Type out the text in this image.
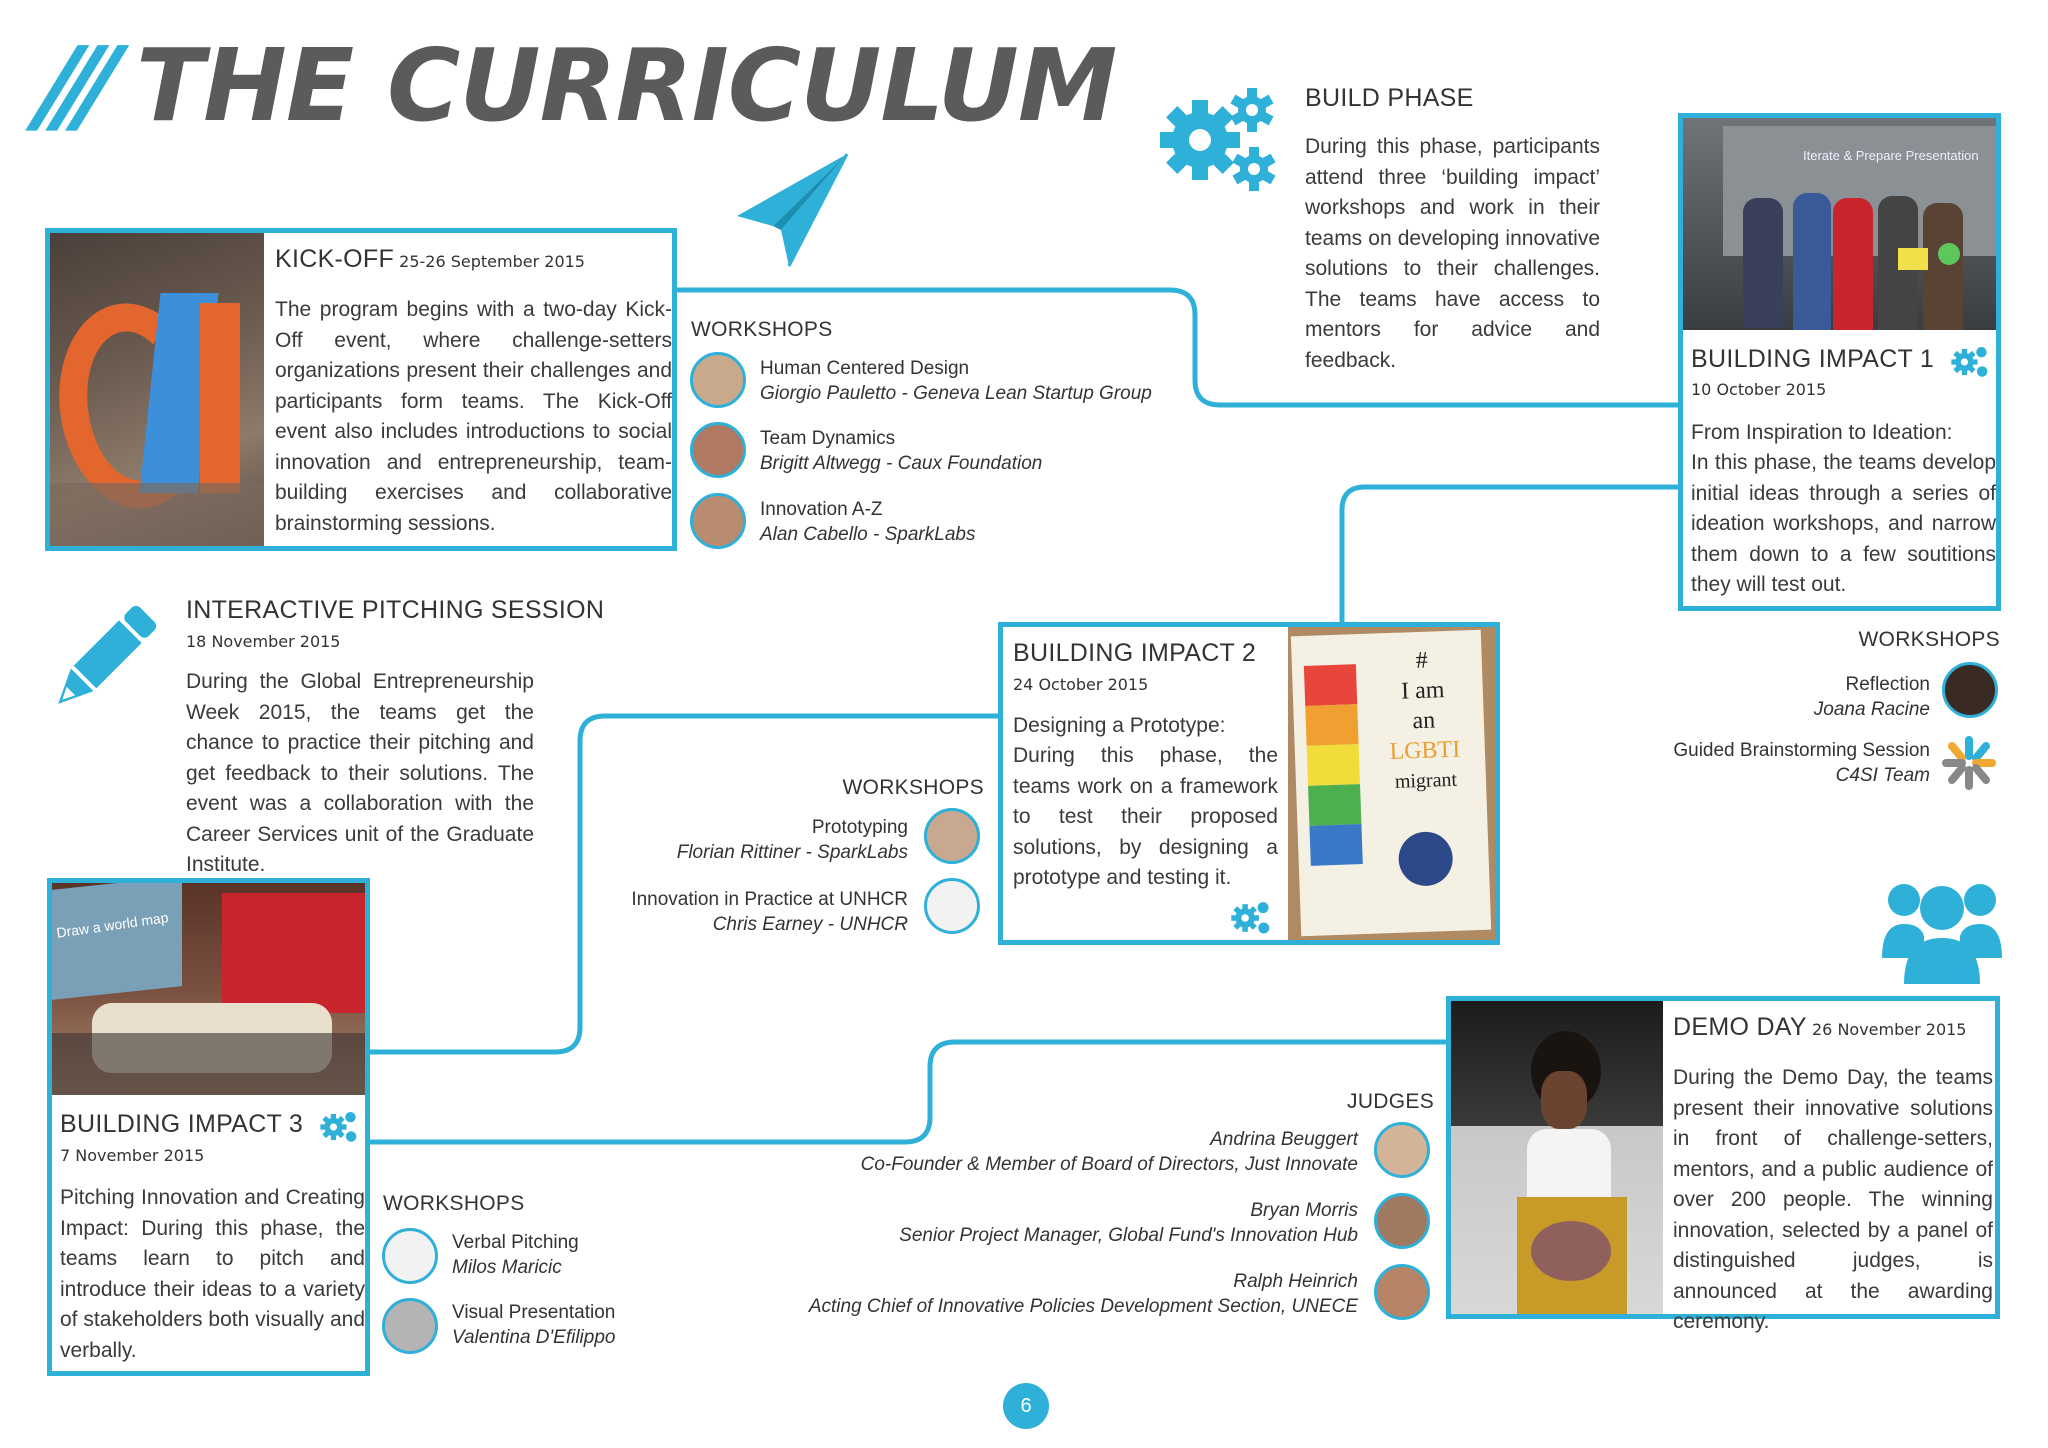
/// THE CURRICULUM
KICK-OFF 25-26 September 2015
The program begins with a two-day Kick-Off event, where challenge-setters organizations present their challenges and participants form teams. The Kick-Off event also includes introductions to social innovation and entrepreneurship, team-building exercises and collaborative brainstorming sessions.
WORKSHOPS
Human Centered Design
Giorgio Pauletto - Geneva Lean Startup Group
Team Dynamics
Brigitt Altwegg - Caux Foundation
Innovation A-Z
Alan Cabello - SparkLabs
BUILD PHASE
During this phase, participants attend three ‘building impact’ workshops and work in their teams on developing innovative solutions to their challenges. The teams have access to mentors for advice and feedback.
Iterate & Prepare Presentation
BUILDING IMPACT 1
10 October 2015
From Inspiration to Ideation:
In this phase, the teams develop initial ideas through a series of ideation workshops, and narrow them down to a few soutitions they will test out.
WORKSHOPS
Reflection
Joana Racine
Guided Brainstorming Session
C4SI Team
INTERACTIVE PITCHING SESSION
18 November 2015
During the Global Entrepreneurship Week 2015, the teams get the chance to practice their pitching and get feedback to their solutions. The event was a collaboration with the Career Services unit of the Graduate Institute.
BUILDING IMPACT 2
24 October 2015
Designing a Prototype:
During this phase, the teams work on a framework to test their proposed solutions, by designing a prototype and testing it.
#
I am
an
LGBTI
migrant
WORKSHOPS
Prototyping
Florian Rittiner - SparkLabs
Innovation in Practice at UNHCR
Chris Earney - UNHCR
Draw a world map
BUILDING IMPACT 3
7 November 2015
Pitching Innovation and Creating Impact: During this phase, the teams learn to pitch and introduce their ideas to a variety of stakeholders both visually and verbally.
WORKSHOPS
Verbal Pitching
Milos Maricic
Visual Presentation
Valentina D'Efilippo
DEMO DAY 26 November 2015
During the Demo Day, the teams present their innovative solutions in front of challenge-setters, mentors, and a public audience of over 200 people. The winning innovation, selected by a panel of distinguished judges, is announced at the awarding ceremony.
JUDGES
Andrina Beuggert
Co-Founder & Member of Board of Directors, Just Innovate
Bryan Morris
Senior Project Manager, Global Fund's Innovation Hub
Ralph Heinrich
Acting Chief of Innovative Policies Development Section, UNECE
6
